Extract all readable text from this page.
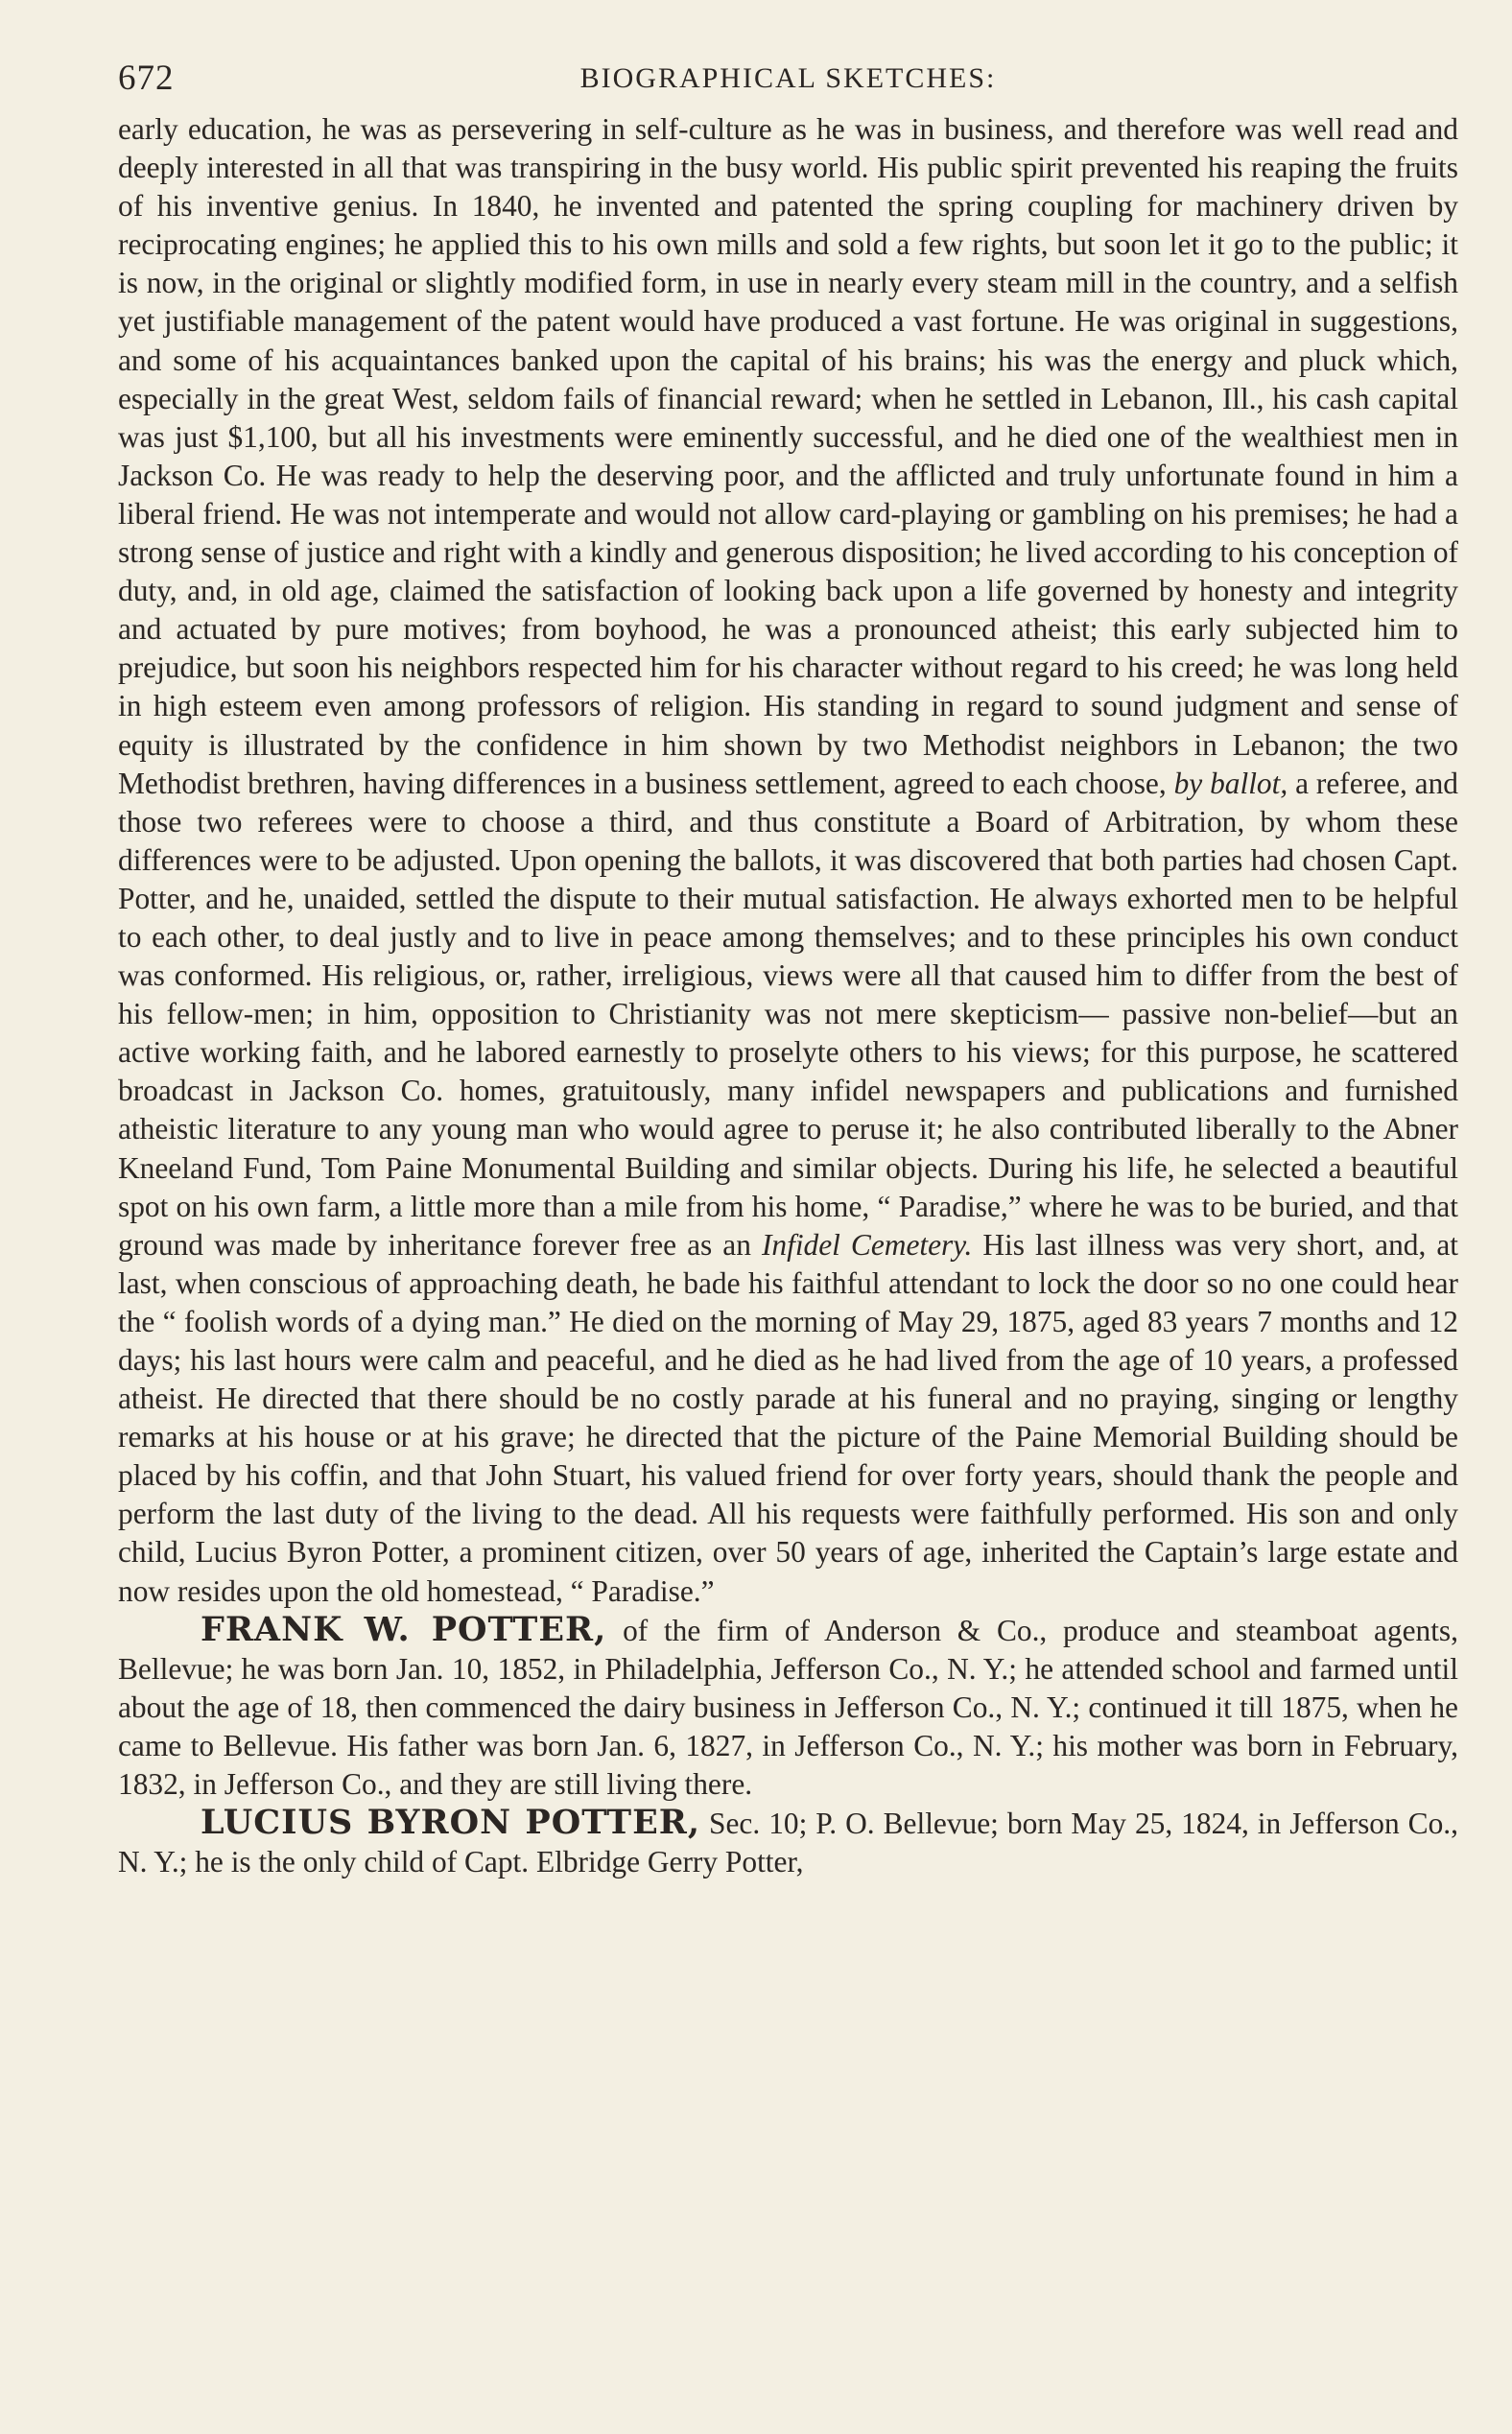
672	BIOGRAPHICAL SKETCHES:

early education, he was as persevering in self-culture as he was in business, and therefore was well read and deeply interested in all that was transpiring in the busy world. His public spirit prevented his reaping the fruits of his inventive genius. In 1840, he invented and patented the spring coupling for machinery driven by reciprocating engines; he applied this to his own mills and sold a few rights, but soon let it go to the public; it is now, in the original or slightly modified form, in use in nearly every steam mill in the country, and a selfish yet justifiable management of the patent would have produced a vast fortune. He was original in suggestions, and some of his acquaintances banked upon the capital of his brains; his was the energy and pluck which, especially in the great West, seldom fails of financial reward; when he settled in Lebanon, Ill., his cash capital was just $1,100, but all his investments were eminently successful, and he died one of the wealthiest men in Jackson Co. He was ready to help the deserving poor, and the afflicted and truly unfortunate found in him a liberal friend. He was not intemperate and would not allow card-playing or gambling on his premises; he had a strong sense of justice and right with a kindly and generous disposition; he lived according to his conception of duty, and, in old age, claimed the satisfaction of looking back upon a life governed by honesty and integrity and actuated by pure motives; from boyhood, he was a pronounced atheist; this early subjected him to prejudice, but soon his neighbors respected him for his character without regard to his creed; he was long held in high esteem even among professors of religion. His standing in regard to sound judgment and sense of equity is illustrated by the confidence in him shown by two Methodist neighbors in Lebanon; the two Methodist brethren, having differences in a business settlement, agreed to each choose, by ballot, a referee, and those two referees were to choose a third, and thus constitute a Board of Arbitration, by whom these differences were to be adjusted. Upon opening the ballots, it was discovered that both parties had chosen Capt. Potter, and he, unaided, settled the dispute to their mutual satisfaction. He always exhorted men to be helpful to each other, to deal justly and to live in peace among themselves; and to these principles his own conduct was conformed. His religious, or, rather, irreligious, views were all that caused him to differ from the best of his fellow-men; in him, opposition to Christianity was not mere skepticism— passive non-belief—but an active working faith, and he labored earnestly to proselyte others to his views; for this purpose, he scattered broadcast in Jackson Co. homes, gratuitously, many infidel newspapers and publications and furnished atheistic literature to any young man who would agree to peruse it; he also contributed liberally to the Abner Kneeland Fund, Tom Paine Monumental Building and similar objects. During his life, he selected a beautiful spot on his own farm, a little more than a mile from his home, “ Paradise,” where he was to be buried, and that ground was made by inheritance forever free as an Infidel Cemetery. His last illness was very short, and, at last, when conscious of approaching death, he bade his faithful attendant to lock the door so no one could hear the “ foolish words of a dying man.” He died on the morning of May 29, 1875, aged 83 years 7 months and 12 days; his last hours were calm and peaceful, and he died as he had lived from the age of 10 years, a professed atheist. He directed that there should be no costly parade at his funeral and no praying, singing or lengthy remarks at his house or at his grave; he directed that the picture of the Paine Memorial Building should be placed by his coffin, and that John Stuart, his valued friend for over forty years, should thank the people and perform the last duty of the living to the dead. All his requests were faithfully performed. His son and only child, Lucius Byron Potter, a prominent citizen, over 50 years of age, inherited the Captain’s large estate and now resides upon the old homestead, “ Paradise.”

FRANK W. POTTER, of the firm of Anderson & Co., produce and steamboat agents, Bellevue; he was born Jan. 10, 1852, in Philadelphia, Jefferson Co., N. Y.; he attended school and farmed until about the age of 18, then commenced the dairy business in Jefferson Co., N. Y.; continued it till 1875, when he came to Bellevue. His father was born Jan. 6, 1827, in Jefferson Co., N. Y.; his mother was born in February, 1832, in Jefferson Co., and they are still living there.

LUCIUS BYRON POTTER, Sec. 10; P. O. Bellevue; born May 25, 1824, in Jefferson Co., N. Y.; he is the only child of Capt. Elbridge Gerry Potter,
